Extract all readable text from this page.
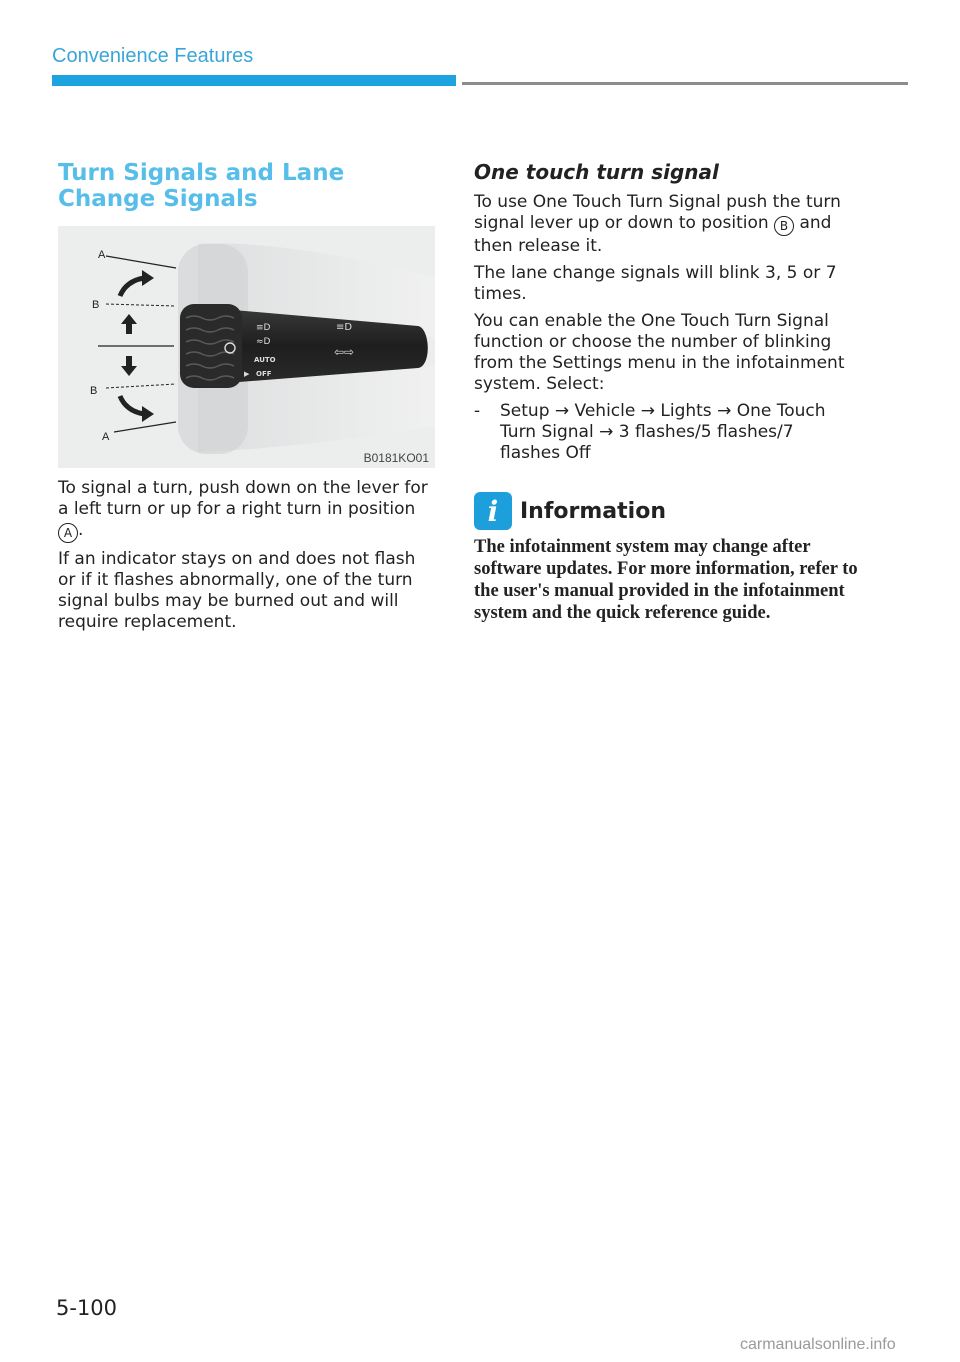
Convenience Features
Turn Signals and Lane Change Signals
≡D
≈D
≡D
⇦⇨
AUTO
▶ OFF
A
B
B
A
B0181KO01

To signal a turn, push down on the lever for a left turn or up for a right turn in position A .

If an indicator stays on and does not flash or if it flashes abnormally, one of the turn signal bulbs may be burned out and will require replacement.

One touch turn signal

To use One Touch Turn Signal push the turn signal lever up or down to position B and then release it.

The lane change signals will blink 3, 5 or 7 times.

You can enable the One Touch Turn Signal function or choose the number of blinking from the Settings menu in the infotainment system. Select:

-	Setup → Vehicle → Lights → One Touch Turn Signal → 3 flashes/5 flashes/7 flashes Off
i Information
The infotainment system may change after software updates. For more information, refer to the user's manual provided in the infotainment system and the quick reference guide.
5-100
carmanualsonline.info
